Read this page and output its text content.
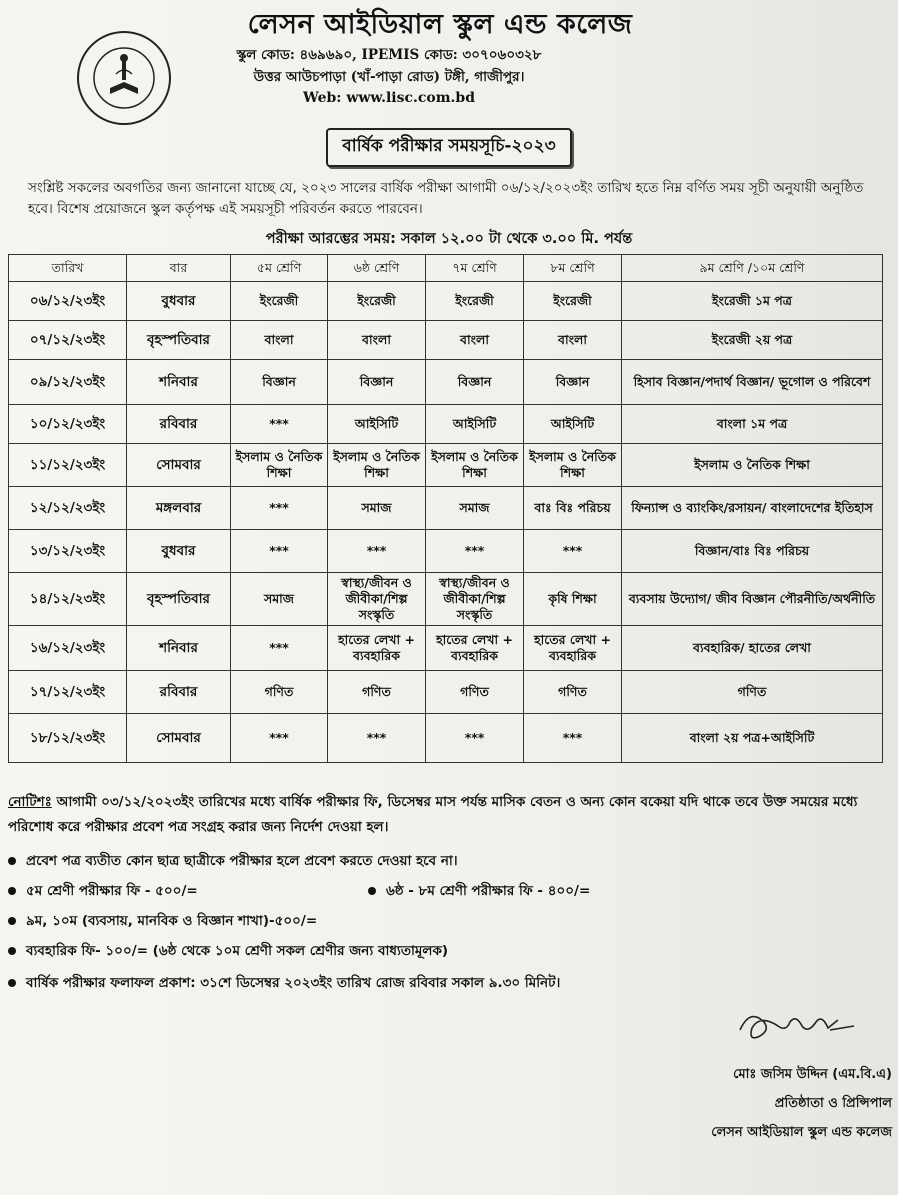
লেসন আইডিয়াল স্কুল এন্ড কলেজ
স্কুল কোড: ৪৬৯৬৯০, IPEMIS কোড: ৩০৭০৬০৩২৮
উত্তর আউচপাড়া (খাঁ-পাড়া রোড) টঙ্গী, গাজীপুর।
Web: www.lisc.com.bd
বার্ষিক পরীক্ষার সময়সূচি-২০২৩

সংশ্লিষ্ট সকলের অবগতির জন্য জানানো যাচ্ছে যে, ২০২৩ সালের বার্ষিক পরীক্ষা আগামী ০৬/১২/২০২৩ইং তারিখ হতে নিম্ন বর্ণিত সময় সূচী অনুযায়ী অনুষ্ঠিত হবে। বিশেষ প্রয়োজনে স্কুল কর্তৃপক্ষ এই সময়সূচী পরিবর্তন করতে পারবেন।

পরীক্ষা আরম্ভের সময়: সকাল ১২.০০ টা থেকে ৩.০০ মি. পর্যন্ত
তারিখ	বার	৫ম শ্রেণি	৬ষ্ঠ শ্রেণি	৭ম শ্রেণি	৮ম শ্রেণি	৯ম শ্রেণি /১০ম শ্রেণি
০৬/১২/২৩ইং	বুধবার	ইংরেজী	ইংরেজী	ইংরেজী	ইংরেজী	ইংরেজী ১ম পত্র
০৭/১২/২৩ইং	বৃহস্পতিবার	বাংলা	বাংলা	বাংলা	বাংলা	ইংরেজী ২য় পত্র
০৯/১২/২৩ইং	শনিবার	বিজ্ঞান	বিজ্ঞান	বিজ্ঞান	বিজ্ঞান	হিসাব বিজ্ঞান/পদার্থ বিজ্ঞান/ ভূগোল ও পরিবেশ
১০/১২/২৩ইং	রবিবার	***	আইসিটি	আইসিটি	আইসিটি	বাংলা ১ম পত্র
১১/১২/২৩ইং	সোমবার	ইসলাম ও নৈতিক শিক্ষা	ইসলাম ও নৈতিক শিক্ষা	ইসলাম ও নৈতিক শিক্ষা	ইসলাম ও নৈতিক শিক্ষা	ইসলাম ও নৈতিক শিক্ষা
১২/১২/২৩ইং	মঙ্গলবার	***	সমাজ	সমাজ	বাঃ বিঃ পরিচয়	ফিন্যান্স ও ব্যাংকিং/রসায়ন/ বাংলাদেশের ইতিহাস
১৩/১২/২৩ইং	বুধবার	***	***	***	***	বিজ্ঞান/বাঃ বিঃ পরিচয়
১৪/১২/২৩ইং	বৃহস্পতিবার	সমাজ	স্বাস্থ্য/জীবন ও জীবীকা/শিল্প সংস্কৃতি	স্বাস্থ্য/জীবন ও জীবীকা/শিল্প সংস্কৃতি	কৃষি শিক্ষা	ব্যবসায় উদ্যোগ/ জীব বিজ্ঞান পৌরনীতি/অর্থনীতি
১৬/১২/২৩ইং	শনিবার	***	হাতের লেখা + ব্যবহারিক	হাতের লেখা + ব্যবহারিক	হাতের লেখা + ব্যবহারিক	ব্যবহারিক/ হাতের লেখা
১৭/১২/২৩ইং	রবিবার	গণিত	গণিত	গণিত	গণিত	গণিত
১৮/১২/২৩ইং	সোমবার	***	***	***	***	বাংলা ২য় পত্র+আইসিটি
নোটিশঃ আগামী ০৩/১২/২০২৩ইং তারিখের মধ্যে বার্ষিক পরীক্ষার ফি, ডিসেম্বর মাস পর্যন্ত মাসিক বেতন ও অন্য কোন বকেয়া যদি থাকে তবে উক্ত সময়ের মধ্যে পরিশোধ করে পরীক্ষার প্রবেশ পত্র সংগ্রহ করার জন্য নির্দেশ দেওয়া হল।
প্রবেশ পত্র ব্যতীত কোন ছাত্র ছাত্রীকে পরীক্ষার হলে প্রবেশ করতে দেওয়া হবে না।
৫ম শ্রেণী পরীক্ষার ফি - ৫০০/=	৬ষ্ঠ - ৮ম শ্রেণী পরীক্ষার ফি - ৪০০/=
৯ম, ১০ম (ব্যবসায়, মানবিক ও বিজ্ঞান শাখা)-৫০০/=
ব্যবহারিক ফি- ১০০/= (৬ষ্ঠ থেকে ১০ম শ্রেণী সকল শ্রেণীর জন্য বাধ্যতামূলক)
বার্ষিক পরীক্ষার ফলাফল প্রকাশ: ৩১শে ডিসেম্বর ২০২৩ইং তারিখ রোজ রবিবার সকাল ৯.৩০ মিনিট।
মোঃ জসিম উদ্দিন (এম.বি.এ)
প্রতিষ্ঠাতা ও প্রিন্সিপাল
লেসন আইডিয়াল স্কুল এন্ড কলেজ
